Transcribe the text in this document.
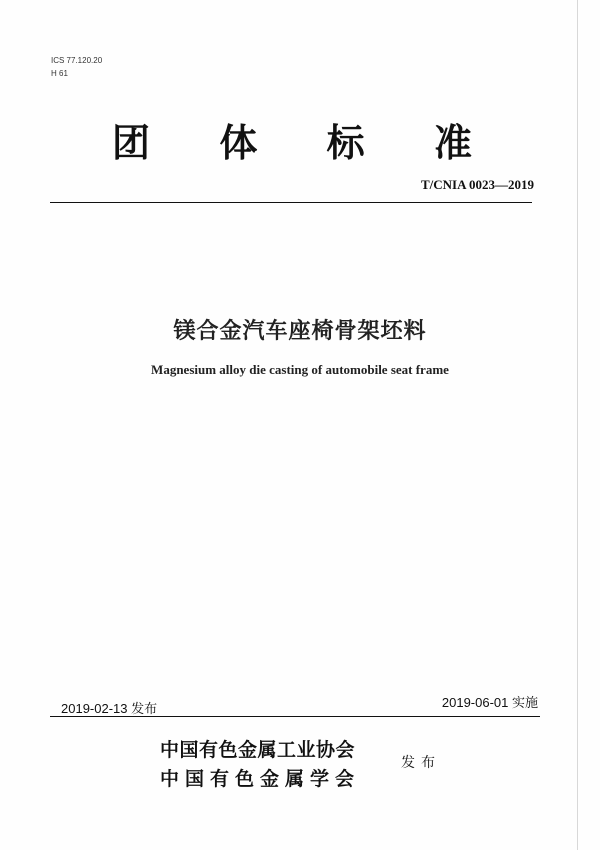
ICS 77.120.20
H 61
团 体 标 准
T/CNIA 0023—2019
镁合金汽车座椅骨架坯料
Magnesium alloy die casting of automobile seat frame
2019-02-13 发布	2019-06-01 实施
中国有色金属工业协会
中国有色金属学会
发布
